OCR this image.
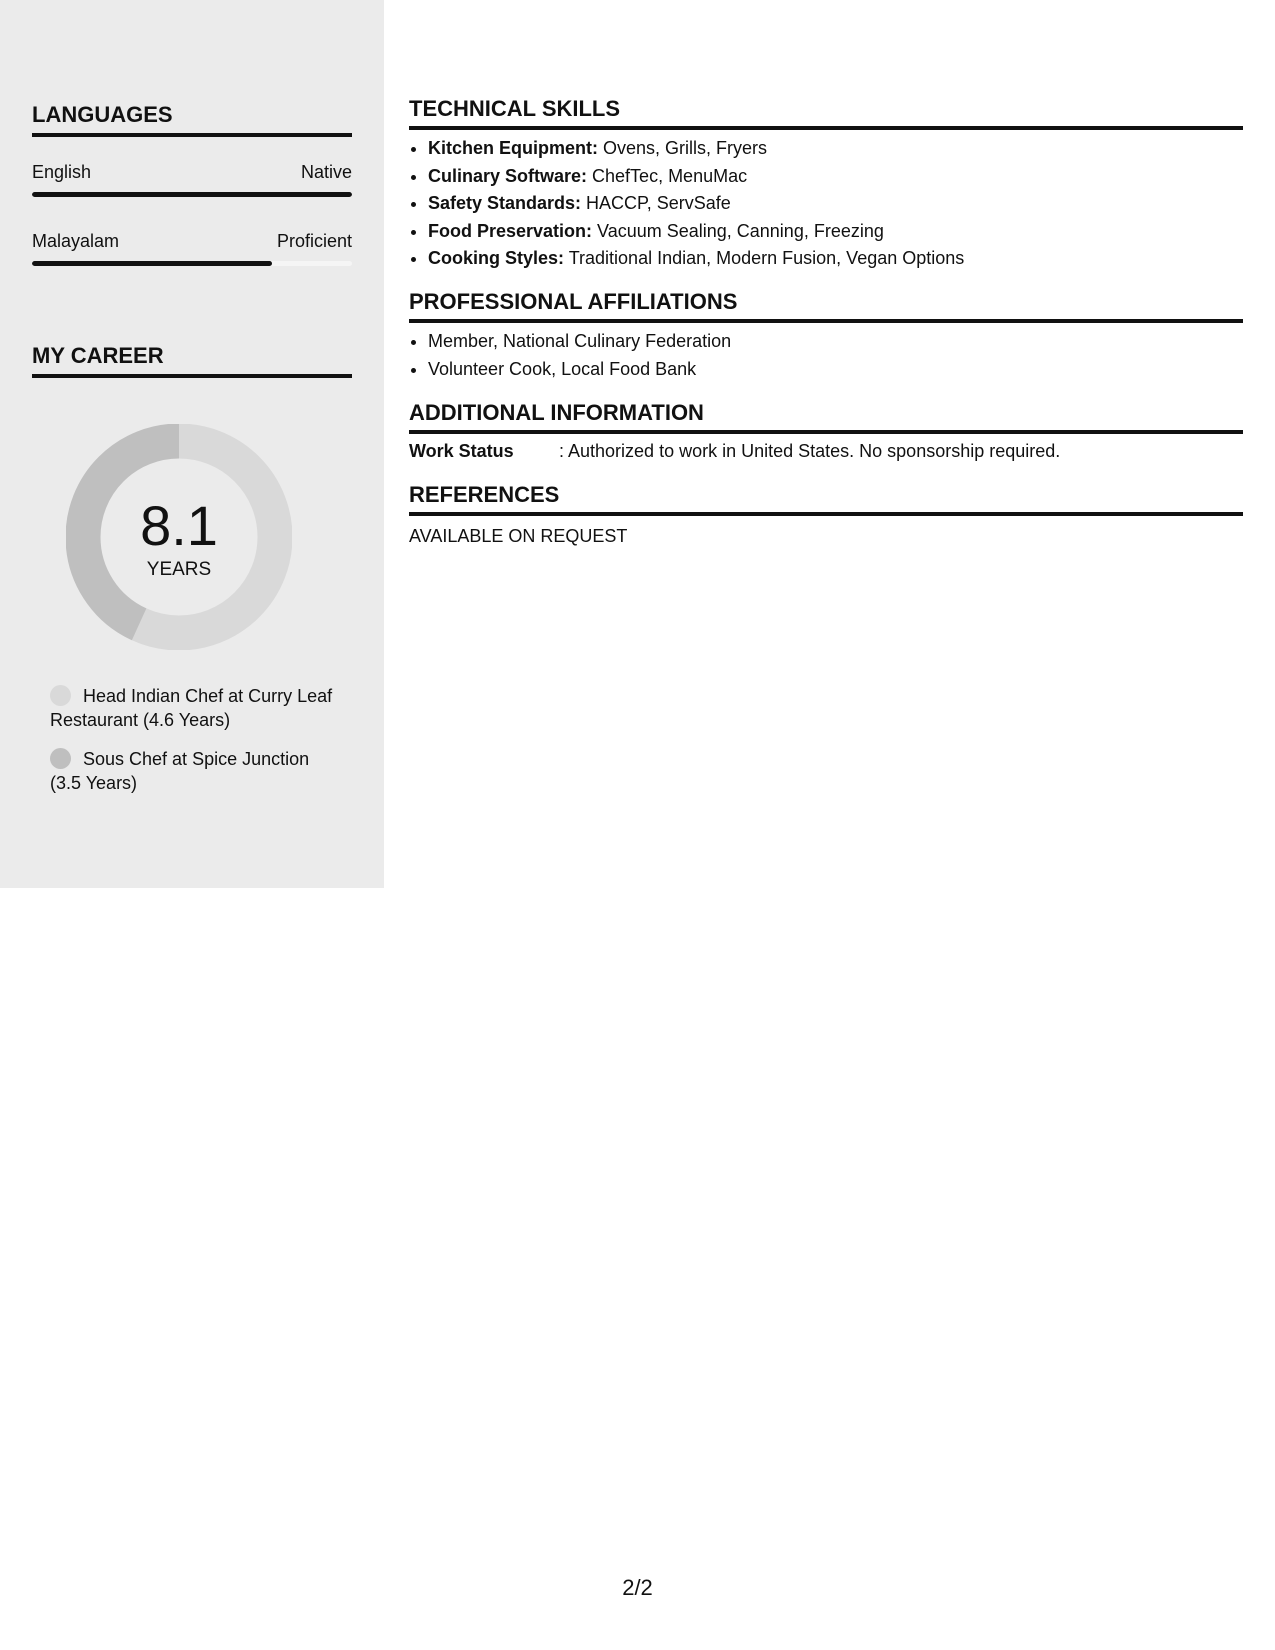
LANGUAGES
English	Native
Malayalam	Proficient
MY CAREER
8.1
YEARS
Head Indian Chef at Curry Leaf Restaurant (4.6 Years)
Sous Chef at Spice Junction (3.5 Years)
TECHNICAL SKILLS
• Kitchen Equipment: Ovens, Grills, Fryers
• Culinary Software: ChefTec, MenuMac
• Safety Standards: HACCP, ServSafe
• Food Preservation: Vacuum Sealing, Canning, Freezing
• Cooking Styles: Traditional Indian, Modern Fusion, Vegan Options
PROFESSIONAL AFFILIATIONS
• Member, National Culinary Federation
• Volunteer Cook, Local Food Bank
ADDITIONAL INFORMATION
Work Status	: Authorized to work in United States. No sponsorship required.
REFERENCES
AVAILABLE ON REQUEST
2/2
